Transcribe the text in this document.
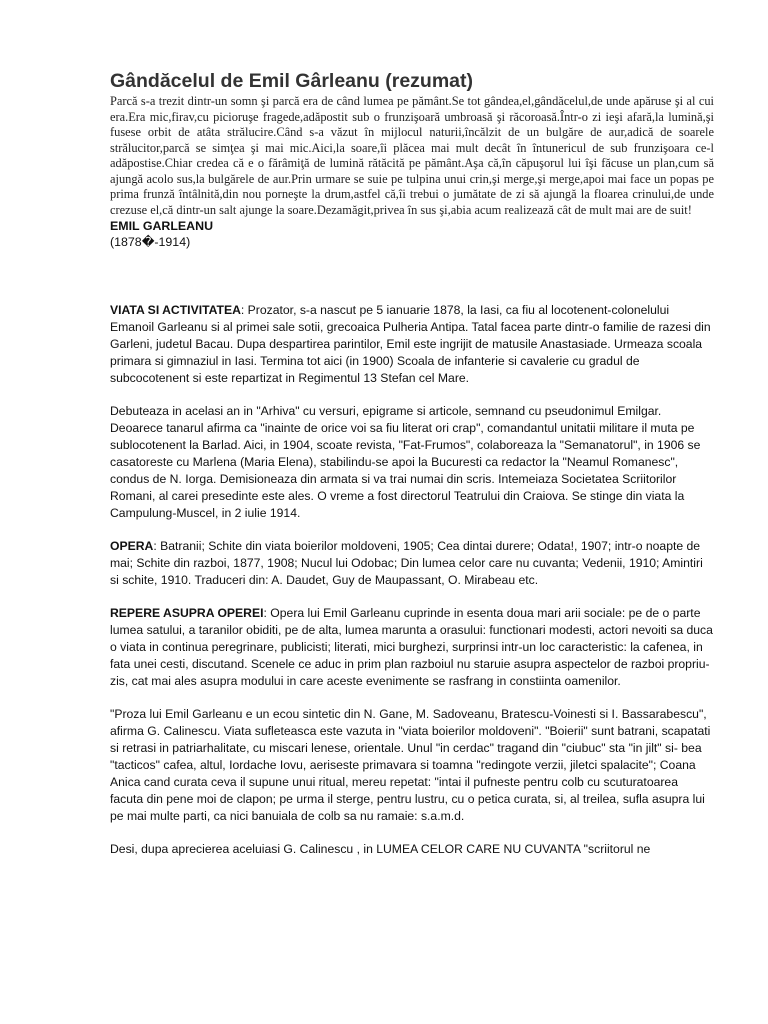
Gândăcelul de Emil Gârleanu (rezumat)

Parcă s-a trezit dintr-un somn şi parcă era de când lumea pe pământ.Se tot gândea,el,gândăcelul,de unde apăruse şi al cui era.Era mic,firav,cu picioruşe fragede,adăpostit sub o frunzişoară umbroasă şi răcoroasă.Într-o zi ieşi afară,la lumină,şi fusese orbit de atâta strălucire.Când s-a văzut în mijlocul naturii,încălzit de un bulgăre de aur,adică de soarele strălucitor,parcă se simţea şi mai mic.Aici,la soare,îi plăcea mai mult decât în întunericul de sub frunzişoara ce-l adăpostise.Chiar credea că e o fărâmiţă de lumină rătăcită pe pământ.Aşa că,în căpuşorul lui îşi făcuse un plan,cum să ajungă acolo sus,la bulgărele de aur.Prin urmare se suie pe tulpina unui crin,şi merge,şi merge,apoi mai face un popas pe prima frunză întâlnită,din nou porneşte la drum,astfel că,îi trebui o jumătate de zi să ajungă la floarea crinului,de unde crezuse el,că dintr-un salt ajunge la soare.Dezamăgit,privea în sus şi,abia acum realizează cât de mult mai are de suit!

EMIL GARLEANU

(1878�-1914)

VIATA SI ACTIVITATEA: Prozator, s-a nascut pe 5 ianuarie 1878, la Iasi, ca fiu al locotenent-colonelului Emanoil Garleanu si al primei sale sotii, grecoaica Pulheria Antipa. Tatal facea parte dintr-o familie de razesi din Garleni, judetul Bacau. Dupa despartirea parintilor, Emil este ingrijit de matusile Anastasiade. Urmeaza scoala primara si gimnaziul in Iasi. Termina tot aici (in 1900) Scoala de infanterie si cavalerie cu gradul de subcocotenent si este repartizat in Regimentul 13 Stefan cel Mare.

Debuteaza in acelasi an in "Arhiva" cu versuri, epigrame si articole, semnand cu pseudonimul Emilgar. Deoarece tanarul afirma ca "inainte de orice voi sa fiu literat ori crap", comandantul unitatii militare il muta pe sublocotenent la Barlad. Aici, in 1904, scoate revista, "Fat-Frumos", colaboreaza la "Semanatorul", in 1906 se casatoreste cu Marlena (Maria Elena), stabilindu-se apoi la Bucuresti ca redactor la "Neamul Romanesc", condus de N. Iorga. Demisioneaza din armata si va trai numai din scris. Intemeiaza Societatea Scriitorilor Romani, al carei presedinte este ales. O vreme a fost directorul Teatrului din Craiova. Se stinge din viata la Campulung-Muscel, in 2 iulie 1914.

OPERA: Batranii; Schite din viata boierilor moldoveni, 1905; Cea dintai durere; Odata!, 1907; intr-o noapte de mai; Schite din razboi, 1877, 1908; Nucul lui Odobac; Din lumea celor care nu cuvanta; Vedenii, 1910; Amintiri si schite, 1910. Traduceri din: A. Daudet, Guy de Maupassant, O. Mirabeau etc.

REPERE ASUPRA OPEREI: Opera lui Emil Garleanu cuprinde in esenta doua mari arii sociale: pe de o parte lumea satului, a taranilor obiditi, pe de alta, lumea maruntа a orasului: functionari modesti, actori nevoiti sa duca o viata in continua peregrinare, publicisti; literati, mici burghezi, surprinsi intr-un loc caracteristic: la cafenea, in fata unei cesti, discutand. Scenele ce aduc in prim plan razboiul nu staruie asupra aspectelor de razboi propriu-zis, cat mai ales asupra modului in care aceste evenimente se rasfrang in constiinta oamenilor.

"Proza lui Emil Garleanu e un ecou sintetic din N. Gane, M. Sadoveanu, Bratescu-Voinesti si I. Bassarabescu", afirma G. Calinescu. Viata sufleteasca este vazuta in "viata boierilor moldoveni". "Boierii" sunt batrani, scapatati si retrasi in patriarhalitate, cu miscari lenese, orientale. Unul "in cerdac" tragand din "ciubuc" sta "in jilt" si- bea "tacticos" cafea, altul, Iordache Iovu, aeriseste primavara si toamna "redingote verzii, jiletci spalacite"; Coana Anica cand curata ceva il supune unui ritual, mereu repetat: "intai il pufneste pentru colb cu scuturatoarea facuta din pene moi de clapon; pe urma il sterge, pentru lustru, cu o petica curata, si, al treilea, sufla asupra lui pe mai multe parti, ca nici banuiala de colb sa nu ramaie: s.a.m.d.

Desi, dupa aprecierea aceluiasi G. Calinescu , in LUMEA CELOR CARE NU CUVANTA "scriitorul ne
